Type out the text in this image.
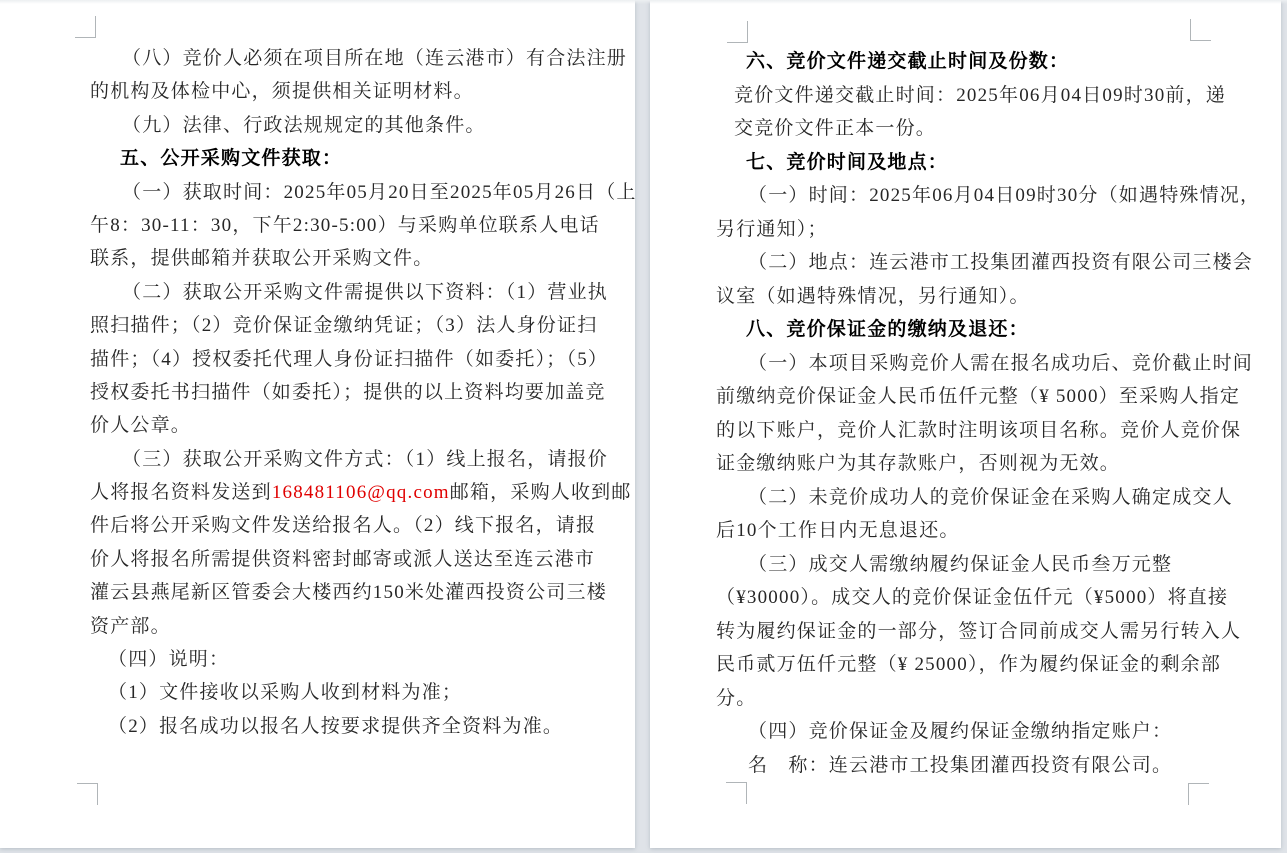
（八）竞价人必须在项目所在地（连云港市）有合法注册
的机构及体检中心，须提供相关证明材料。
（九）法律、行政法规规定的其他条件。
五、公开采购文件获取：
（一）获取时间：2025年05月20日至2025年05月26日（上
午8：30-11：30，下午2:30-5:00）与采购单位联系人电话
联系，提供邮箱并获取公开采购文件。
（二）获取公开采购文件需提供以下资料：（1）营业执
照扫描件；（2）竞价保证金缴纳凭证；（3）法人身份证扫
描件；（4）授权委托代理人身份证扫描件（如委托）；（5）
授权委托书扫描件（如委托）；提供的以上资料均要加盖竞
价人公章。
（三）获取公开采购文件方式：（1）线上报名，请报价
人将报名资料发送到168481106@qq.com邮箱，采购人收到邮
件后将公开采购文件发送给报名人。（2）线下报名，请报
价人将报名所需提供资料密封邮寄或派人送达至连云港市
灌云县燕尾新区管委会大楼西约150米处灌西投资公司三楼
资产部。
（四）说明：
（1）文件接收以采购人收到材料为准；
（2）报名成功以报名人按要求提供齐全资料为准。
六、竞价文件递交截止时间及份数：
竞价文件递交截止时间：2025年06月04日09时30前，递
交竞价文件正本一份。
七、竞价时间及地点：
（一）时间：2025年06月04日09时30分（如遇特殊情况，
另行通知）；
（二）地点：连云港市工投集团灌西投资有限公司三楼会
议室（如遇特殊情况，另行通知）。
八、竞价保证金的缴纳及退还：
（一）本项目采购竞价人需在报名成功后、竞价截止时间
前缴纳竞价保证金人民币伍仟元整（¥ 5000）至采购人指定
的以下账户，竞价人汇款时注明该项目名称。竞价人竞价保
证金缴纳账户为其存款账户，否则视为无效。
（二）未竞价成功人的竞价保证金在采购人确定成交人
后10个工作日内无息退还。
（三）成交人需缴纳履约保证金人民币叁万元整
（¥30000）。成交人的竞价保证金伍仟元（¥5000）将直接
转为履约保证金的一部分，签订合同前成交人需另行转入人
民币贰万伍仟元整（¥ 25000），作为履约保证金的剩余部
分。
（四）竞价保证金及履约保证金缴纳指定账户：
名　称：连云港市工投集团灌西投资有限公司。
